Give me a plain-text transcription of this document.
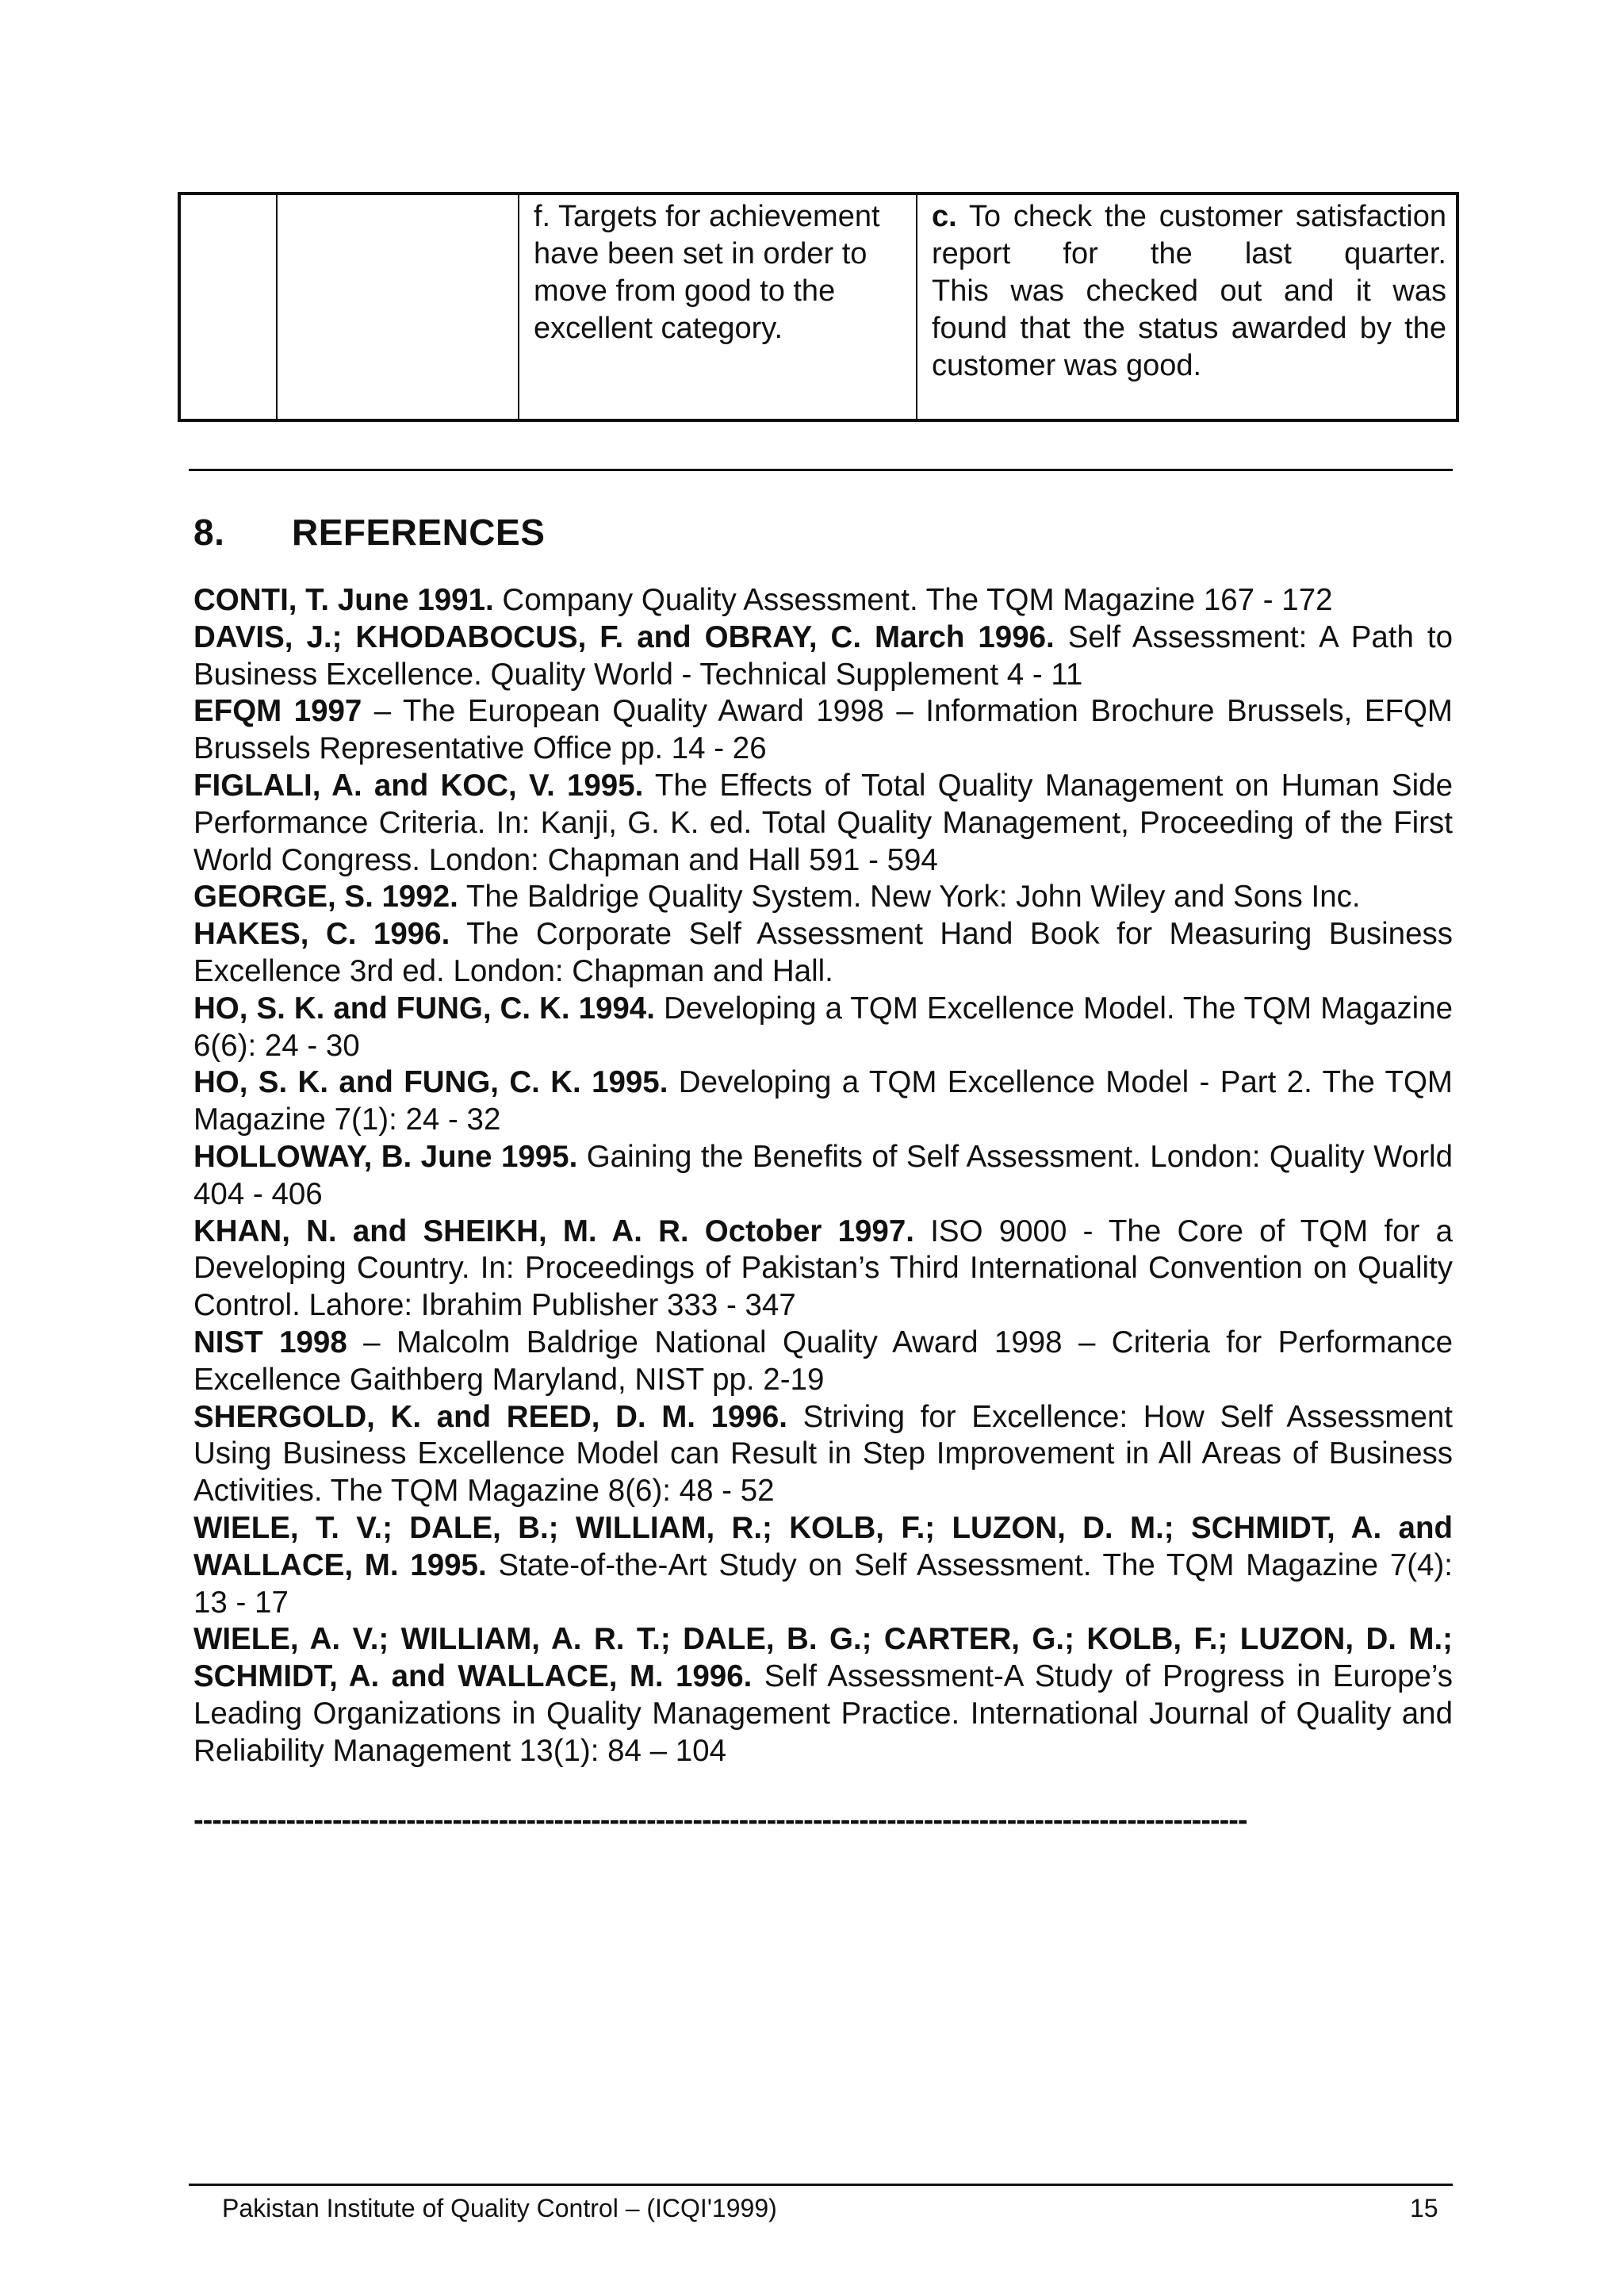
f. Targets for achievement have been set in order to move from good to the excellent category.

c. To check the customer satisfaction report for the last quarter.

This was checked out and it was found that the status awarded by the customer was good.

8. REFERENCES

CONTI, T. June 1991. Company Quality Assessment. The TQM Magazine 167 - 172

DAVIS, J.; KHODABOCUS, F. and OBRAY, C. March 1996. Self Assessment: A Path to Business Excellence. Quality World - Technical Supplement 4 - 11

EFQM 1997 – The European Quality Award 1998 – Information Brochure Brussels, EFQM Brussels Representative Office pp. 14 - 26

FIGLALI, A. and KOC, V. 1995. The Effects of Total Quality Management on Human Side Performance Criteria. In: Kanji, G. K. ed. Total Quality Management, Proceeding of the First World Congress. London: Chapman and Hall 591 - 594

GEORGE, S. 1992. The Baldrige Quality System. New York: John Wiley and Sons Inc.

HAKES, C. 1996. The Corporate Self Assessment Hand Book for Measuring Business Excellence 3rd ed. London: Chapman and Hall.

HO, S. K. and FUNG, C. K. 1994. Developing a TQM Excellence Model. The TQM Magazine 6(6): 24 - 30

HO, S. K. and FUNG, C. K. 1995. Developing a TQM Excellence Model - Part 2. The TQM Magazine 7(1): 24 - 32

HOLLOWAY, B. June 1995. Gaining the Benefits of Self Assessment. London: Quality World 404 - 406

KHAN, N. and SHEIKH, M. A. R. October 1997. ISO 9000 - The Core of TQM for a Developing Country. In: Proceedings of Pakistan’s Third International Convention on Quality Control. Lahore: Ibrahim Publisher 333 - 347

NIST 1998 – Malcolm Baldrige National Quality Award 1998 – Criteria for Performance Excellence Gaithberg Maryland, NIST pp. 2-19

SHERGOLD, K. and REED, D. M. 1996. Striving for Excellence: How Self Assessment Using Business Excellence Model can Result in Step Improvement in All Areas of Business Activities. The TQM Magazine 8(6): 48 - 52

WIELE, T. V.; DALE, B.; WILLIAM, R.; KOLB, F.; LUZON, D. M.; SCHMIDT, A. and WALLACE, M. 1995. State-of-the-Art Study on Self Assessment. The TQM Magazine 7(4): 13 - 17

WIELE, A. V.; WILLIAM, A. R. T.; DALE, B. G.; CARTER, G.; KOLB, F.; LUZON, D. M.; SCHMIDT, A. and WALLACE, M. 1996. Self Assessment-A Study of Progress in Europe’s Leading Organizations in Quality Management Practice. International Journal of Quality and Reliability Management 13(1): 84 – 104

------------------------------------------------------------------------------------------------------------------
Pakistan Institute of Quality Control – (ICQI'1999)	15
